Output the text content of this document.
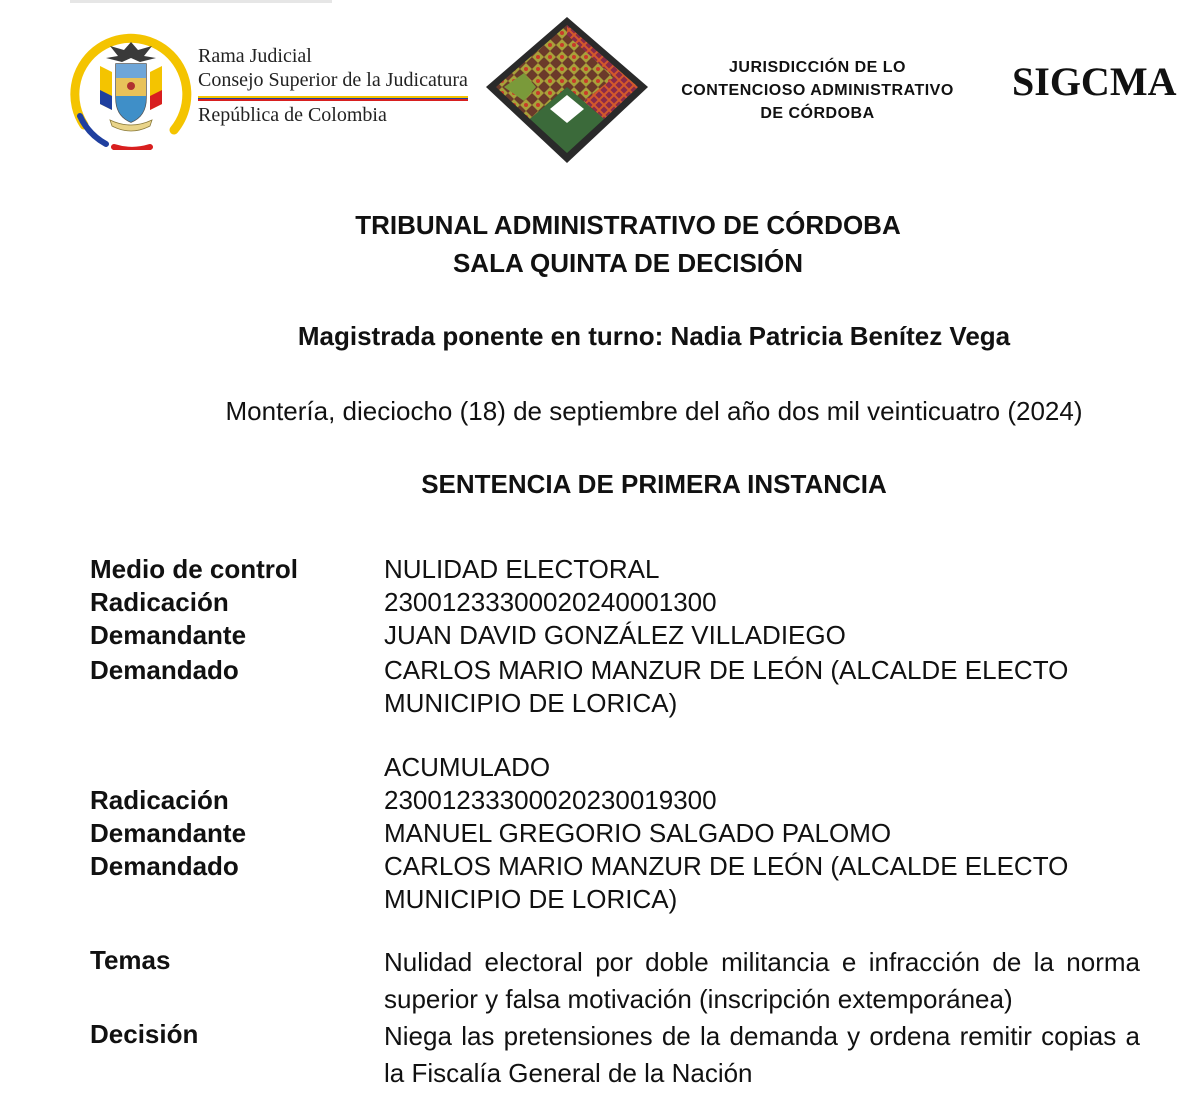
Rama Judicial
Consejo Superior de la Judicatura
República de Colombia
JURISDICCIÓN DE LO
CONTENCIOSO ADMINISTRATIVO
DE CÓRDOBA
SIGCMA
TRIBUNAL ADMINISTRATIVO DE CÓRDOBA
SALA QUINTA DE DECISIÓN
Magistrada ponente en turno: Nadia Patricia Benítez Vega
Montería, dieciocho (18) de septiembre del año dos mil veinticuatro (2024)
SENTENCIA DE PRIMERA INSTANCIA
Medio de control	NULIDAD ELECTORAL
Radicación	23001233300020240001300
Demandante	JUAN DAVID GONZÁLEZ VILLADIEGO
Demandado	CARLOS MARIO MANZUR DE LEÓN (ALCALDE ELECTO MUNICIPIO DE LORICA)
ACUMULADO
Radicación	23001233300020230019300
Demandante	MANUEL GREGORIO SALGADO PALOMO
Demandado	CARLOS MARIO MANZUR DE LEÓN (ALCALDE ELECTO MUNICIPIO DE LORICA)
Temas	Nulidad electoral por doble militancia e infracción de la norma superior y falsa motivación (inscripción extemporánea)
Decisión	Niega las pretensiones de la demanda y ordena remitir copias a la Fiscalía General de la Nación
